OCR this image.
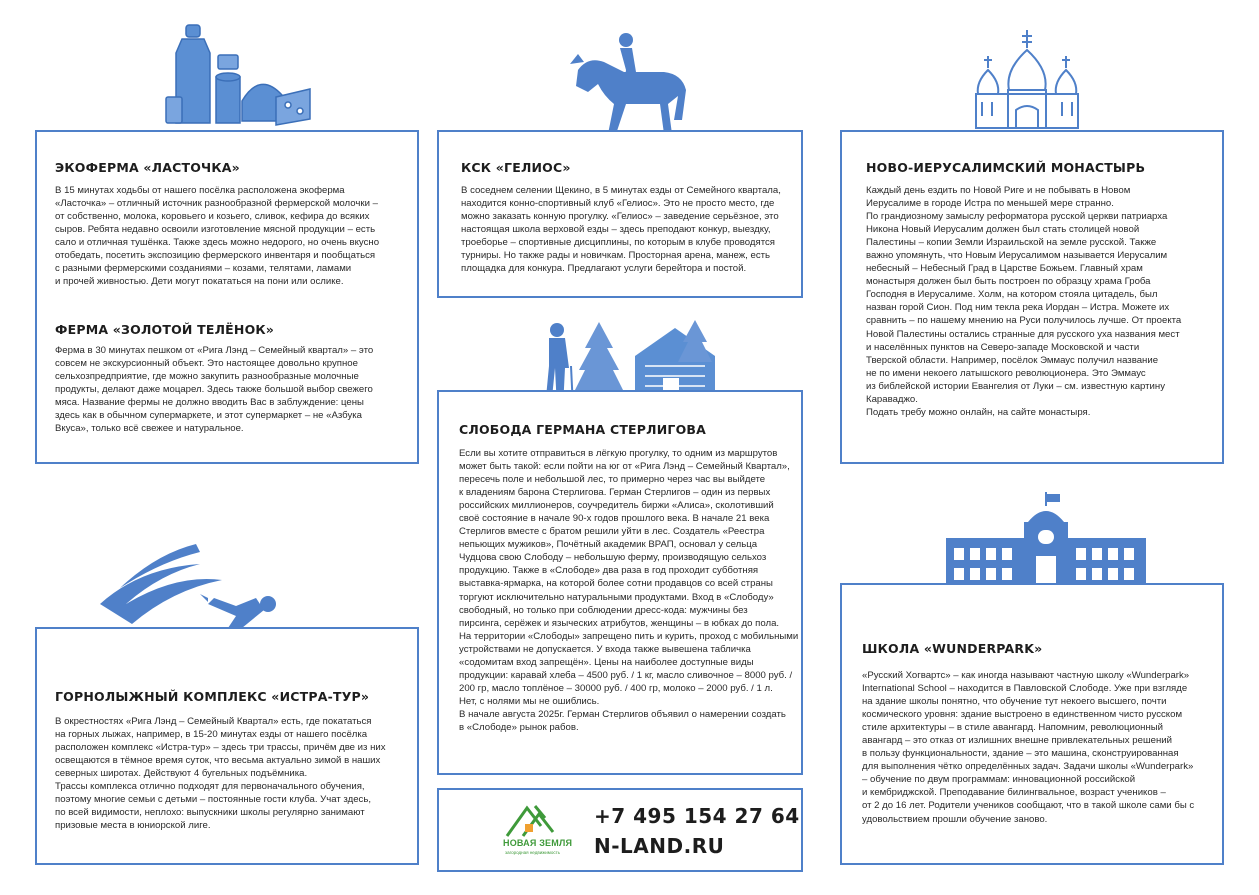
ЭКОФЕРМА «ЛАСТОЧКА»
В 15 минутах ходьбы от нашего посёлка расположена экоферма
«Ласточка» – отличный источник разнообразной фермерской молочки –
от собственно, молока, коровьего и козьего, сливок, кефира до всяких
сыров. Ребята недавно освоили изготовление мясной продукции – есть
сало и отличная тушёнка. Также здесь можно недорого, но очень вкусно
отобедать, посетить экспозицию фермерского инвентаря и пообщаться
с разными фермерскими созданиями – козами, телятами, ламами
и прочей живностью. Дети могут покататься на пони или ослике.
ФЕРМА «ЗОЛОТОЙ ТЕЛЁНОК»
Ферма в 30 минутах пешком от «Рига Лэнд – Семейный квартал» – это
совсем не экскурсионный объект. Это настоящее довольно крупное
сельхозпредприятие, где можно закупить разнообразные молочные
продукты, делают даже моцарел. Здесь также большой выбор свежего
мяса. Название фермы не должно вводить Вас в заблуждение: цены
здесь как в обычном супермаркете, и этот супермаркет – не «Азбука
Вкуса», только всё свежее и натуральное.
КСК «ГЕЛИОС»
В соседнем селении Щекино, в 5 минутах езды от Семейного квартала,
находится конно-спортивный клуб «Гелиос». Это не просто место, где
можно заказать конную прогулку. «Гелиос» – заведение серьёзное, это
настоящая школа верховой езды – здесь преподают конкур, выездку,
троеборье – спортивные дисциплины, по которым в клубе проводятся
турниры. Но также рады и новичкам. Просторная арена, манеж, есть
площадка для конкура. Предлагают услуги берейтора и постой.
НОВО-ИЕРУСАЛИМСКИЙ МОНАСТЫРЬ
Каждый день ездить по Новой Риге и не побывать в Новом
Иерусалиме в городе Истра по меньшей мере странно.
По грандиозному замыслу реформатора русской церкви патриарха
Никона Новый Иерусалим должен был стать столицей новой
Палестины – копии Земли Израильской на земле русской. Также
важно упомянуть, что Новым Иерусалимом называется Иерусалим
небесный – Небесный Град в Царстве Божьем. Главный храм
монастыря должен был быть построен по образцу храма Гроба
Господня в Иерусалиме. Холм, на котором стояла цитадель, был
назван горой Сион. Под ним текла река Иордан – Истра. Можете их
сравнить – по нашему мнению на Руси получилось лучше. От проекта
Новой Палестины остались странные для русского уха названия мест
и населённых пунктов на Северо-западе Московской и части
Тверской области. Например, посёлок Эммаус получил название
не по имени некоего латышского революционера. Это Эммаус
из библейской истории Евангелия от Луки – см. известную картину
Караваджо.
Подать требу можно онлайн, на сайте монастыря.
СЛОБОДА ГЕРМАНА СТЕРЛИГОВА
Если вы хотите отправиться в лёгкую прогулку, то одним из маршрутов
может быть такой: если пойти на юг от «Рига Лэнд – Семейный Квартал»,
пересечь поле и небольшой лес, то примерно через час вы выйдете
к владениям барона Стерлигова. Герман Стерлигов – один из первых
российских миллионеров, соучредитель биржи «Алиса», сколотивший
своё состояние в начале 90-х годов прошлого века. В начале 21 века
Стерлигов вместе с братом решили уйти в лес. Создатель «Реестра
непьющих мужиков», Почётный академик ВРАП, основал у сельца
Чудцова свою Слободу – небольшую ферму, производящую сельхоз
продукцию. Также в «Слободе» два раза в год проходит субботняя
выставка-ярмарка, на которой более сотни продавцов со всей страны
торгуют исключительно натуральными продуктами. Вход в «Слободу»
свободный, но только при соблюдении дресс-кода: мужчины без
пирсинга, серёжек и языческих атрибутов, женщины – в юбках до пола.
На территории «Слободы» запрещено пить и курить, проход с мобильными
устройствами не допускается. У входа также вывешена табличка
«содомитам вход запрещён». Цены на наиболее доступные виды
продукции: каравай хлеба – 4500 руб. / 1 кг, масло сливочное – 8000 руб. /
200 гр, масло топлёное – 30000 руб. / 400 гр, молоко – 2000 руб. / 1 л.
Нет, с нолями мы не ошиблись.
В начале августа 2025г. Герман Стерлигов объявил о намерении создать
в «Слободе» рынок рабов.
ГОРНОЛЫЖНЫЙ КОМПЛЕКС «ИСТРА-ТУР»
В окрестностях «Рига Лэнд – Семейный Квартал» есть, где покататься
на горных лыжах, например, в 15-20 минутах езды от нашего посёлка
расположен комплекс «Истра-тур» – здесь три трассы, причём две из них
освещаются в тёмное время суток, что весьма актуально зимой в наших
северных широтах. Действуют 4 бугельных подъёмника.
Трассы комплекса отлично подходят для первоначального обучения,
поэтому многие семьи с детьми – постоянные гости клуба. Учат здесь,
по всей видимости, неплохо: выпускники школы регулярно занимают
призовые места в юниорской лиге.
ШКОЛА «WUNDERPARK»
«Русский Хогвартс» – как иногда называют частную школу «Wunderpark»
International School – находится в Павловской Слободе. Уже при взгляде
на здание школы понятно, что обучение тут некоего высшего, почти
космического уровня: здание выстроено в единственном чисто русском
стиле архитектуры – в стиле авангард. Напомним, революционный
авангард – это отказ от излишних внешне привлекательных решений
в пользу функциональности, здание – это машина, сконструированная
для выполнения чётко определённых задач. Задачи школы «Wunderpark»
– обучение по двум программам: инновационной российской
и кембриджской. Преподавание билингвальное, возраст учеников –
от 2 до 16 лет. Родители учеников сообщают, что в такой школе сами бы с
удовольствием прошли обучение заново.
НОВАЯ ЗЕМЛЯ
загородная недвижимость
+7 495 154 27 64
N-LAND.RU
